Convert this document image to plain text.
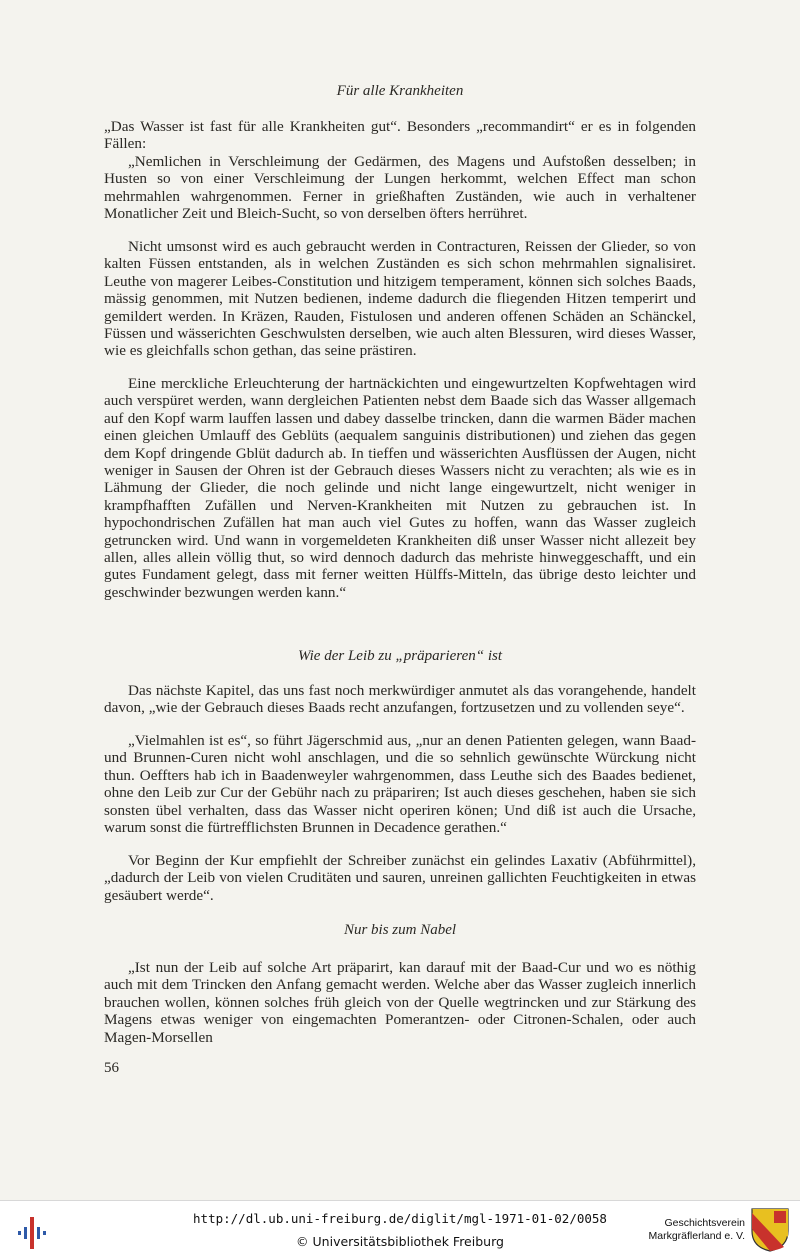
Für alle Krankheiten

„Das Wasser ist fast für alle Krankheiten gut“. Besonders „recommandirt“ er es in folgenden Fällen:

„Nemlichen in Verschleimung der Gedärmen, des Magens und Aufstoßen desselben; in Husten so von einer Verschleimung der Lungen herkommt, welchen Effect man schon mehrmahlen wahrgenommen. Ferner in grießhaften Zuständen, wie auch in verhaltener Monatlicher Zeit und Bleich-Sucht, so von derselben öfters herrühret.

Nicht umsonst wird es auch gebraucht werden in Contracturen, Reissen der Glieder, so von kalten Füssen entstanden, als in welchen Zuständen es sich schon mehrmahlen signalisiret. Leuthe von magerer Leibes-Constitution und hitzigem temperament, können sich solches Baads, mässig genommen, mit Nutzen bedienen, indeme dadurch die fliegenden Hitzen temperirt und gemildert werden. In Kräzen, Rauden, Fistulosen und anderen offenen Schäden an Schänckel, Füssen und wässerichten Geschwulsten derselben, wie auch alten Blessuren, wird dieses Wasser, wie es gleichfalls schon gethan, das seine prästiren.

Eine merckliche Erleuchterung der hartnäckichten und eingewurtzelten Kopfwehtagen wird auch verspüret werden, wann dergleichen Patienten nebst dem Baade sich das Wasser allgemach auf den Kopf warm lauffen lassen und dabey dasselbe trincken, dann die warmen Bäder machen einen gleichen Umlauff des Geblüts (aequalem sanguinis distributionen) und ziehen das gegen dem Kopf dringende Gblüt dadurch ab. In tieffen und wässerichten Ausflüssen der Augen, nicht weniger in Sausen der Ohren ist der Gebrauch dieses Wassers nicht zu verachten; als wie es in Lähmung der Glieder, die noch gelinde und nicht lange eingewurtzelt, nicht weniger in krampfhafften Zufällen und Nerven-Krankheiten mit Nutzen zu gebrauchen ist. In hypochondrischen Zufällen hat man auch viel Gutes zu hoffen, wann das Wasser zugleich getruncken wird. Und wann in vorgemeldeten Krankheiten diß unser Wasser nicht allezeit bey allen, alles allein völlig thut, so wird dennoch dadurch das mehriste hinweggeschafft, und ein gutes Fundament gelegt, dass mit ferner weitten Hülffs-Mitteln, das übrige desto leichter und geschwinder bezwungen werden kann.“

Wie der Leib zu „präparieren“ ist

Das nächste Kapitel, das uns fast noch merkwürdiger anmutet als das vorangehende, handelt davon, „wie der Gebrauch dieses Baads recht anzufangen, fortzusetzen und zu vollenden seye“.

„Vielmahlen ist es“, so führt Jägerschmid aus, „nur an denen Patienten gelegen, wann Baad- und Brunnen-Curen nicht wohl anschlagen, und die so sehnlich gewünschte Würckung nicht thun. Oeffters hab ich in Baadenweyler wahrgenommen, dass Leuthe sich des Baades bedienet, ohne den Leib zur Cur der Gebühr nach zu präpariren; Ist auch dieses geschehen, haben sie sich sonsten übel verhalten, dass das Wasser nicht operiren könen; Und diß ist auch die Ursache, warum sonst die fürtrefflichsten Brunnen in Decadence gerathen.“

Vor Beginn der Kur empfiehlt der Schreiber zunächst ein gelindes Laxativ (Abführmittel), „dadurch der Leib von vielen Cruditäten und sauren, unreinen gallichten Feuchtigkeiten in etwas gesäubert werde“.

Nur bis zum Nabel

„Ist nun der Leib auf solche Art präparirt, kan darauf mit der Baad-Cur und wo es nöthig auch mit dem Trincken den Anfang gemacht werden. Welche aber das Wasser zugleich innerlich brauchen wollen, können solches früh gleich von der Quelle wegtrincken und zur Stärkung des Magens etwas weniger von eingemachten Pomerantzen- oder Citronen-Schalen, oder auch Magen-Morsellen

56
http://dl.ub.uni-freiburg.de/diglit/mgl-1971-01-02/0058
© Universitätsbibliothek Freiburg
Geschichtsverein
Markgräflerland e. V.
